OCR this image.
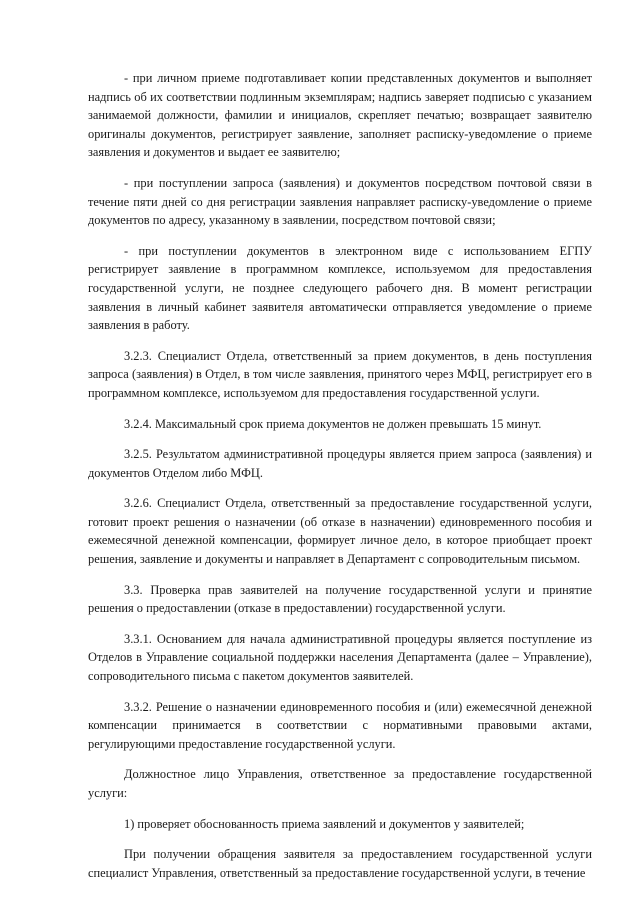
- при личном приеме подготавливает копии представленных документов и выполняет надпись об их соответствии подлинным экземплярам; надпись заверяет подписью с указанием занимаемой должности, фамилии и инициалов, скрепляет печатью; возвращает заявителю оригиналы документов, регистрирует заявление, заполняет расписку-уведомление о приеме заявления и документов и выдает ее заявителю;

- при поступлении запроса (заявления) и документов посредством почтовой связи в течение пяти дней со дня регистрации заявления направляет расписку-уведомление о приеме документов по адресу, указанному в заявлении, посредством почтовой связи;

- при поступлении документов в электронном виде с использованием ЕГПУ регистрирует заявление в программном комплексе, используемом для предоставления государственной услуги, не позднее следующего рабочего дня. В момент регистрации заявления в личный кабинет заявителя автоматически отправляется уведомление о приеме заявления в работу.

3.2.3. Специалист Отдела, ответственный за прием документов, в день поступления запроса (заявления) в Отдел, в том числе заявления, принятого через МФЦ, регистрирует его в программном комплексе, используемом для предоставления государственной услуги.

3.2.4. Максимальный срок приема документов не должен превышать 15 минут.

3.2.5. Результатом административной процедуры является прием запроса (заявления) и документов Отделом либо МФЦ.

3.2.6. Специалист Отдела, ответственный за предоставление государственной услуги, готовит проект решения о назначении (об отказе в назначении) единовременного пособия и ежемесячной денежной компенсации, формирует личное дело, в которое приобщает проект решения, заявление и документы и направляет в Департамент с сопроводительным письмом.

3.3. Проверка прав заявителей на получение государственной услуги и принятие решения о предоставлении (отказе в предоставлении) государственной услуги.

3.3.1. Основанием для начала административной процедуры является поступление из Отделов в Управление социальной поддержки населения Департамента (далее – Управление), сопроводительного письма с пакетом документов заявителей.

3.3.2. Решение о назначении единовременного пособия и (или) ежемесячной денежной компенсации принимается в соответствии с нормативными правовыми актами, регулирующими предоставление государственной услуги.

Должностное лицо Управления, ответственное за предоставление государственной услуги:

1) проверяет обоснованность приема заявлений и документов у заявителей;

При получении обращения заявителя за предоставлением государственной услуги специалист Управления, ответственный за предоставление государственной услуги, в течение
